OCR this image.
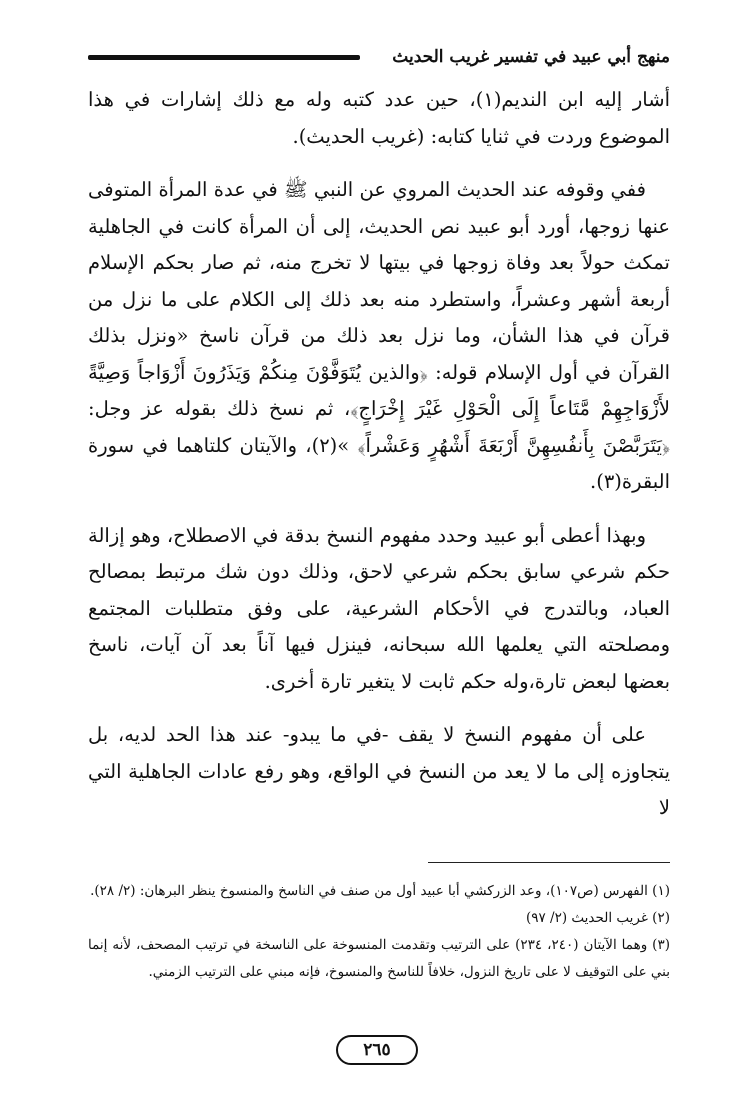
منهج أبي عبيد في تفسير غريب الحديث

أشار إليه ابن النديم(١)، حين عدد كتبه وله مع ذلك إشارات في هذا الموضوع وردت في ثنايا كتابه: (غريب الحديث).

ففي وقوفه عند الحديث المروي عن النبي ﷺ في عدة المرأة المتوفى عنها زوجها، أورد أبو عبيد نص الحديث، إلى أن المرأة كانت في الجاهلية تمكث حولاً بعد وفاة زوجها في بيتها لا تخرج منه، ثم صار بحكم الإسلام أربعة أشهر وعشراً، واستطرد منه بعد ذلك إلى الكلام على ما نزل من قرآن في هذا الشأن، وما نزل بعد ذلك من قرآن ناسخ «ونزل بذلك القرآن في أول الإسلام قوله: ﴿والذين يُتَوَفَّوْنَ مِنكُمْ وَيَذَرُونَ أَزْوَاجاً وَصِيَّةً لأَزْوَاجِهِمْ مَّتَاعاً إِلَى الْحَوْلِ غَيْرَ إِخْرَاجٍ﴾، ثم نسخ ذلك بقوله عز وجل: ﴿يَتَرَبَّصْنَ بِأَنفُسِهِنَّ أَرْبَعَةَ أَشْهُرٍ وَعَشْراً﴾ »(٢)، والآيتان كلتاهما في سورة البقرة(٣).

وبهذا أعطى أبو عبيد وحدد مفهوم النسخ بدقة في الاصطلاح، وهو إزالة حكم شرعي سابق بحكم شرعي لاحق، وذلك دون شك مرتبط بمصالح العباد، وبالتدرج في الأحكام الشرعية، على وفق متطلبات المجتمع ومصلحته التي يعلمها الله سبحانه، فينزل فيها آناً بعد آن آيات، ناسخ بعضها لبعض تارة،وله حكم ثابت لا يتغير تارة أخرى.

على أن مفهوم النسخ لا يقف -في ما يبدو- عند هذا الحد لديه، بل يتجاوزه إلى ما لا يعد من النسخ في الواقع، وهو رفع عادات الجاهلية التي لا

(١) الفهرس (ص١٠٧)، وعد الزركشي أبا عبيد أول من صنف في الناسخ والمنسوخ ينظر البرهان: (٢/ ٢٨).

(٢) غريب الحديث (٢/ ٩٧)

(٣) وهما الآيتان (٢٤٠، ٢٣٤) على الترتيب وتقدمت المنسوخة على الناسخة في ترتيب المصحف، لأنه إنما بني على التوقيف لا على تاريخ النزول، خلافاً للناسخ والمنسوخ، فإنه مبني على الترتيب الزمني.

٢٦٥
